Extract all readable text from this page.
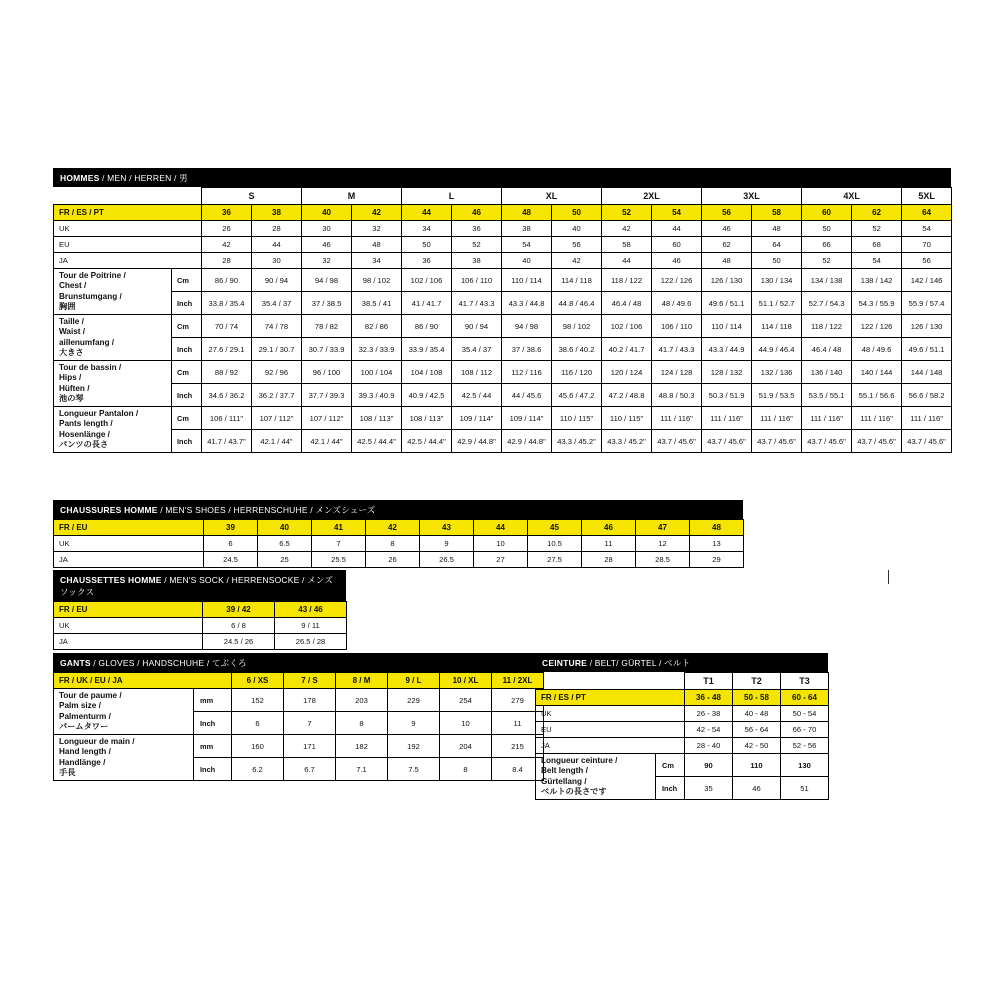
HOMMES / MEN / HERREN / 男
		S		M		L		XL		2XL		3XL		4XL		5XL
FR / ES / PT		36	38	40	42	44	46	48	50	52	54	56	58	60	62	64
UK		26	28	30	32	34	36	38	40	42	44	46	48	50	52	54
EU		42	44	46	48	50	52	54	56	58	60	62	64	66	68	70
JA		28	30	32	34	36	38	40	42	44	46	48	50	52	54	56

Tour de Poitrine /
Chest /
Brunstumgang /
胸囲	Cm	86 / 90	90 / 94	94 / 98	98 / 102	102 / 106	106 / 110	110 / 114	114 / 118	118 / 122	122 / 126	126 / 130	130 / 134	134 / 138	138 / 142	142 / 146
	Inch	33.8 / 35.4	35.4 / 37	37 / 38.5	38.5 / 41	41 / 41.7	41.7 / 43.3	43.3 / 44.8	44.8 / 46.4	46.4 / 48	48 / 49.6	49.6 / 51.1	51.1 / 52.7	52.7 / 54.3	54.3 / 55.9	55.9 / 57.4

Taille /
Waist /
aillenumfang /
大きさ	Cm	70 / 74	74 / 78	78 / 82	82 / 86	86 / 90	90 / 94	94 / 98	98 / 102	102 / 106	106 / 110	110 / 114	114 / 118	118 / 122	122 / 126	126 / 130
	Inch	27.6 / 29.1	29.1 / 30.7	30.7 / 33.9	32.3 / 33.9	33.9 / 35.4	35.4 / 37	37 / 38.6	38.6 / 40.2	40.2 / 41.7	41.7 / 43.3	43.3 / 44.9	44.9 / 46.4	46.4 / 48	48 / 49.6	49.6 / 51.1

Tour de bassin /
Hips /
Hüften /
池の琴	Cm	88 / 92	92 / 96	96 / 100	100 / 104	104 / 108	108 / 112	112 / 116	116 / 120	120 / 124	124 / 128	128 / 132	132 / 136	136 / 140	140 / 144	144 / 148
	Inch	34.6 / 36.2	36.2 / 37.7	37.7 / 39.3	39.3 / 40.9	40.9 / 42.5	42.5 / 44	44 / 45.6	45.6 / 47.2	47.2 / 48.8	48.8 / 50.3	50.3 / 51.9	51.9 / 53.5	53.5 / 55.1	55.1 / 56.6	56.6 / 58.2

Longueur Pantalon /
Pants length /
Hosenlänge /
パンツの長さ	Cm	106 / 111"	107 / 112"	107 / 112"	108 / 113"	108 / 113"	109 / 114"	109 / 114"	110 / 115"	110 / 115"	111 / 116"	111 / 116"	111 / 116"	111 / 116"	111 / 116"	111 / 116"
	Inch	41.7 / 43.7"	42.1 / 44"	42.1 / 44"	42.5 / 44.4"	42.5 / 44.4"	42.9 / 44.8"	42.9 / 44.8"	43.3 / 45.2"	43.3 / 45.2"	43.7 / 45.6"	43.7 / 45.6"	43.7 / 45.6"	43.7 / 45.6"	43.7 / 45.6"	43.7 / 45.6"
CHAUSSURES HOMME / MEN'S SHOES / HERRENSCHUHE / メンズシューズ
FR / EU	39	40	41	42	43	44	45	46	47	48
UK	6	6.5	7	8	9	10	10.5	11	12	13
JA	24.5	25	25.5	26	26.5	27	27.5	28	28.5	29
CHAUSSETTES HOMME / MEN'S SOCK / HERRENSOCKE / メンズソックス
FR / EU	39 / 42	43 / 46
UK	6 / 8	9 / 11
JA	24.5 / 26	26.5 / 28
GANTS / GLOVES / HANDSCHUHE / てぶくろ
FR / UK / EU / JA		6 / XS	7 / S	8 / M	9 / L	10 / XL	11 / 2XL

Tour de paume /
Palm size /
Palmenturm /
パームタワー	mm	152	178	203	229	254	279
	Inch	6	7	8	9	10	11

Longueur de main /
Hand length /
Handlänge /
手長	mm	160	171	182	192	204	215
	Inch	6.2	6.7	7.1	7.5	8	8.4
CEINTURE / BELT/ GÜRTEL / ベルト
		T1	T2	T3
FR / ES / PT		36 - 48	50 - 58	60 - 64
UK		26 - 38	40 - 48	50 - 54
EU		42 - 54	56 - 64	66 - 70
JA		28 - 40	42 - 50	52 - 56

Longueur ceinture /
Belt length /
Gürtellang /
ベルトの長さです	Cm	90	110	130
	Inch	35	46	51
